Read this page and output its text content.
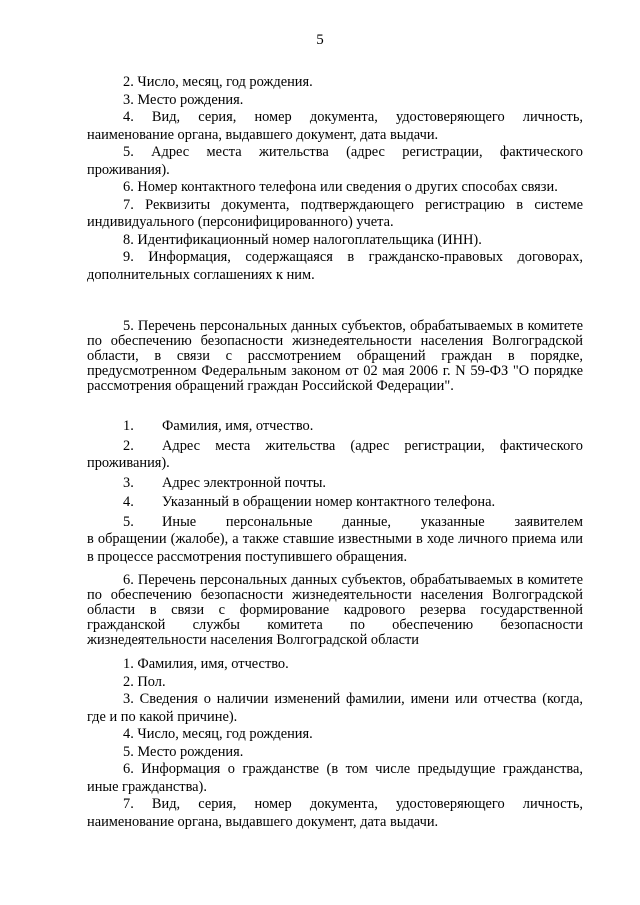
5

2. Число, месяц, год рождения.

3. Место рождения.

4. Вид, серия, номер документа, удостоверяющего личность, наименование органа, выдавшего документ, дата выдачи.

5. Адрес места жительства (адрес регистрации, фактического проживания).

6. Номер контактного телефона или сведения о других способах связи.

7. Реквизиты документа, подтверждающего регистрацию в системе индивидуального (персонифицированного) учета.

8. Идентификационный номер налогоплательщика (ИНН).

9. Информация, содержащаяся в гражданско-правовых договорах, дополнительных соглашениях к ним.

5. Перечень персональных данных субъектов, обрабатываемых в комитете по обеспечению безопасности жизнедеятельности населения Волгоградской области, в связи с рассмотрением обращений граждан в порядке, предусмотренном Федеральным законом от 02 мая 2006 г. N 59-ФЗ "О порядке рассмотрения обращений граждан Российской Федерации".

1.	Фамилия, имя, отчество.
2.	Адрес места жительства (адрес регистрации, фактического

проживания).

3.	Адрес электронной почты.
4.	Указанный в обращении номер контактного телефона.
5.	Иные персональные данные, указанные заявителем

в обращении (жалобе), а также ставшие известными в ходе личного приема или в процессе рассмотрения поступившего обращения.

6. Перечень персональных данных субъектов, обрабатываемых в комитете по обеспечению безопасности жизнедеятельности населения Волгоградской области в связи с формирование кадрового резерва государственной гражданской службы комитета по обеспечению безопасности жизнедеятельности населения Волгоградской области

1. Фамилия, имя, отчество.

2. Пол.

3. Сведения о наличии изменений фамилии, имени или отчества (когда, где и по какой причине).

4. Число, месяц, год рождения.

5. Место рождения.

6. Информация о гражданстве (в том числе предыдущие гражданства, иные гражданства).

7. Вид, серия, номер документа, удостоверяющего личность, наименование органа, выдавшего документ, дата выдачи.
